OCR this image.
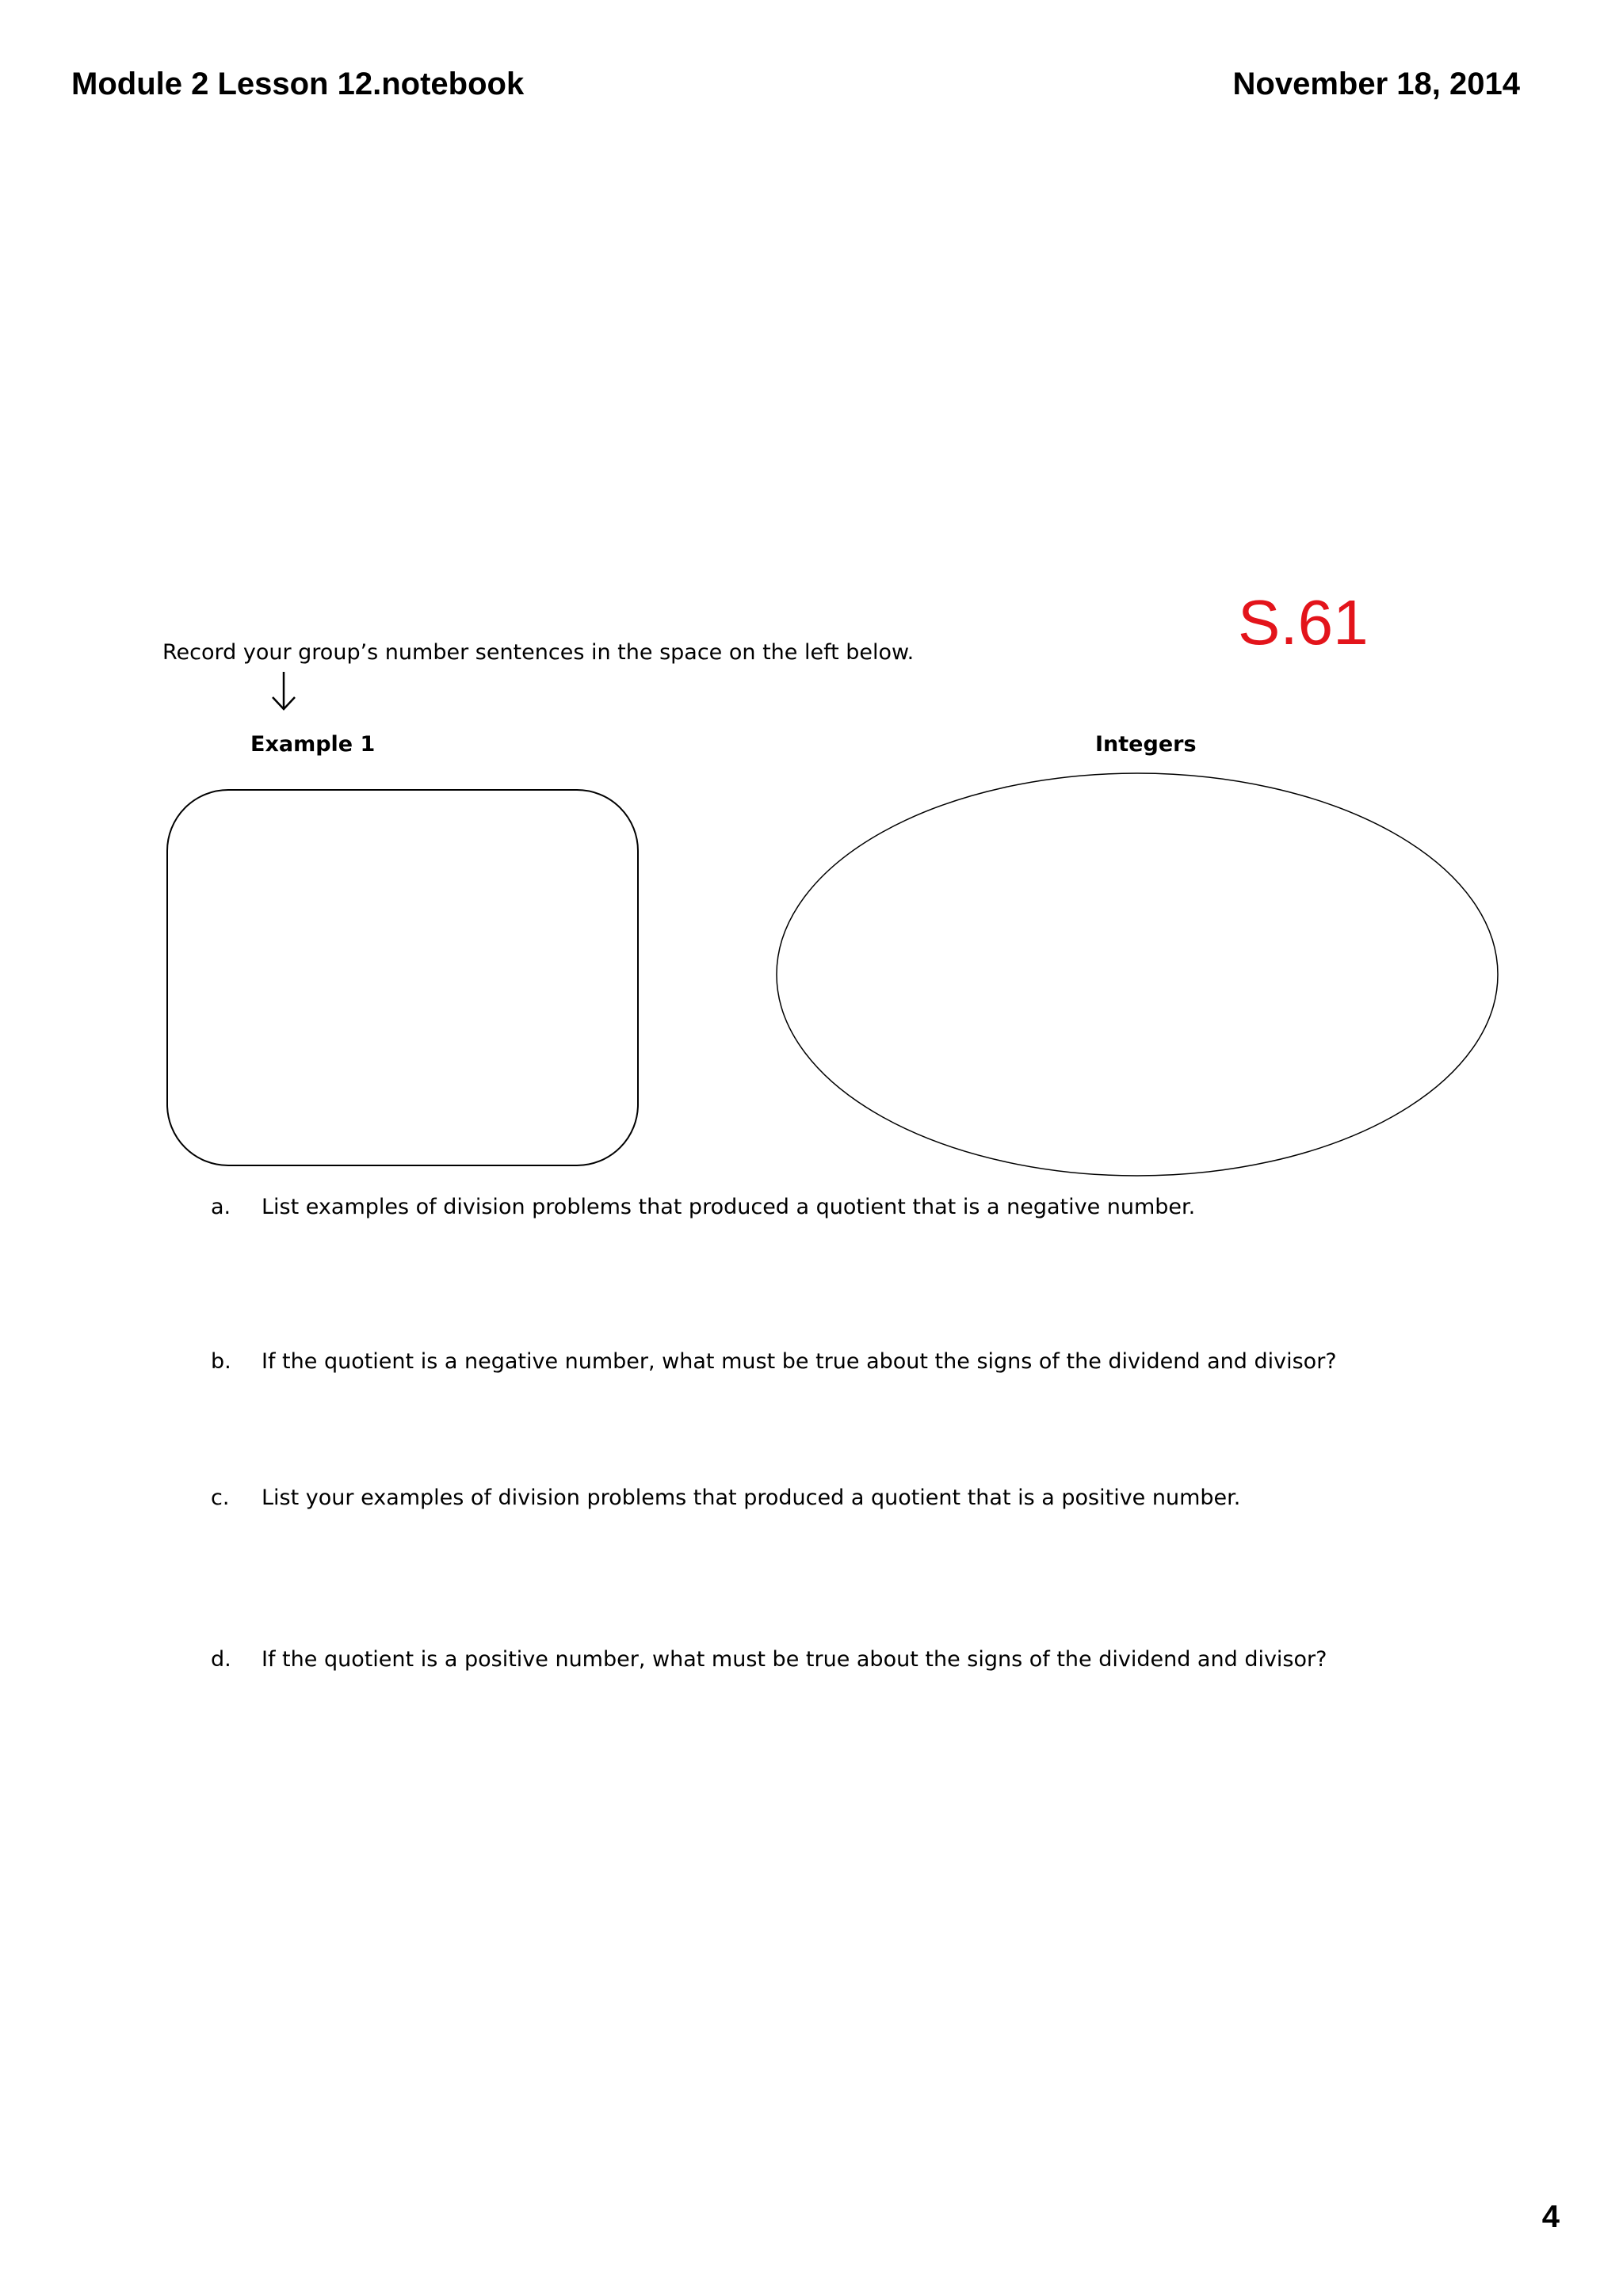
Module 2 Lesson 12.notebook	November 18, 2014
S.61
Record your group’s number sentences in the space on the left below.
Example 1	Integers
a. List examples of division problems that produced a quotient that is a negative number.
b. If the quotient is a negative number, what must be true about the signs of the dividend and divisor?
c. List your examples of division problems that produced a quotient that is a positive number.
d. If the quotient is a positive number, what must be true about the signs of the dividend and divisor?
4
